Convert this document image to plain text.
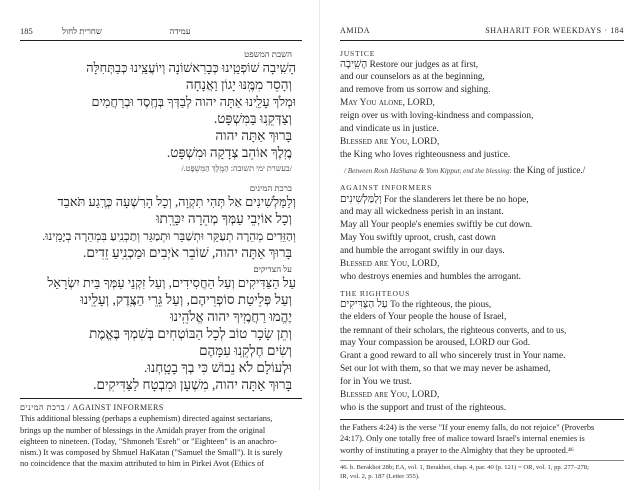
185	שחרית לחול	עמידה
השבת המשפט
הָשִֽׁיבָה שׁוֹפְטֵֽינוּ כְּבָרִאשׁוֹנָה וְיוֹעֲצֵֽינוּ כְּבַתְּחִלָּה
וְהָסֵר מִמֶּֽנּוּ יָגוֹן וַאֲנָחָה
וּמְלֹךְ עָלֵֽינוּ אַתָּה יהוה לְבַדְּךָ בְּחֶֽסֶד וּבְרַחֲמִים
וְצַדְּקֵֽנוּ בַּמִּשְׁפָּט.
בָּרוּךְ אַתָּה יהוה
מֶֽלֶךְ אוֹהֵב צְדָקָה וּמִשְׁפָּט.
/בעשרת ימי תשובה: הַמֶּֽלֶךְ הַמִּשְׁפָּט./
ברכת המינים
וְלַמַּלְשִׁינִים אַל תְּהִי תִקְוָה, וְכָל הָרִשְׁעָה כְּרֶֽגַע תֹּאבֵד
וְכָל אוֹיְבֵי עַמְּךָ מְהֵרָה יִכָּרֵֽתוּ
וְהַזֵּדִים מְהֵרָה תְעַקֵּר וּתְשַׁבֵּר וּתְמַגֵּר וְתַכְנִֽיעַ בִּמְהֵרָה בְיָמֵֽינוּ.
בָּרוּךְ אַתָּה יהוה, שׁוֹבֵר אֹיְבִים וּמַכְנִֽיעַ זֵדִים.
על הצדיקים
עַל הַצַּדִּיקִים וְעַל הַחֲסִידִים, וְעַל זִקְנֵי עַמְּךָ בֵּית יִשְׂרָאֵל
וְעַל פְּלֵיטַת סוֹפְרֵיהֶם, וְעַל גֵּרֵי הַצֶּֽדֶק, וְעָלֵֽינוּ
יֶהֱמוּ רַחֲמֶֽיךָ יהוה אֱלֹהֵֽינוּ
וְתֵן שָׂכָר טוֹב לְכָל הַבּוֹטְחִים בְּשִׁמְךָ בֶּאֱמֶת
וְשִׂים חֶלְקֵֽנוּ עִמָּהֶם
וּלְעוֹלָם לֹא נֵבוֹשׁ כִּי בְךָ בָטָֽחְנוּ.
בָּרוּךְ אַתָּה יהוה, מִשְׁעָן וּמִבְטָח לַצַּדִּיקִים.
ברכת המינים / AGAINST INFORMERS
This additional blessing (perhaps a euphemism) directed against sectarians,
brings up the number of blessings in the Amidah prayer from the original
eighteen to nineteen. (Today, "Shmoneh 'Esreh" or "Eighteen" is an anachro-
nism.) It was composed by Shmuel HaKatan ("Samuel the Small"). It is surely
no coincidence that the maxim attributed to him in Pirkei Avot (Ethics of
AMIDA	SHAHARIT FOR WEEKDAYS · 184
JUSTICE
הָשִֽׁיבָה Restore our judges as at first,
and our counselors as at the beginning,
and remove from us sorrow and sighing.
May You alone, LORD,
reign over us with loving-kindness and compassion,
and vindicate us in justice.
Blessed are You, LORD,
the King who loves righteousness and justice.
/ Between Rosh HaShana & Yom Kippur, end the blessing: the King of justice./
AGAINST INFORMERS
וְלַמַּלְשִׁינִים For the slanderers let there be no hope,
and may all wickedness perish in an instant.
May all Your people's enemies swiftly be cut down.
May You swiftly uproot, crush, cast down
and humble the arrogant swiftly in our days.
Blessed are You, LORD,
who destroys enemies and humbles the arrogant.
THE RIGHTEOUS
עַל הַצַּדִּיקִים To the righteous, the pious,
the elders of Your people the house of Israel,
the remnant of their scholars, the righteous converts, and to us,
may Your compassion be aroused, LORD our God.
Grant a good reward to all who sincerely trust in Your name.
Set our lot with them, so that we may never be ashamed,
for in You we trust.
Blessed are You, LORD,
who is the support and trust of the righteous.
the Fathers 4:24) is the verse "If your enemy falls, do not rejoice" (Proverbs
24:17). Only one totally free of malice toward Israel's internal enemies is
worthy of instituting a prayer to the Almighty that they be uprooted.⁴⁶
46. b. Berakhot 28b; EA, vol. 1, Berakhot, chap. 4, par. 40 (p. 121) = OR, vol. 1, pp. 277–278;
IR, vol. 2, p. 187 (Letter 355).
